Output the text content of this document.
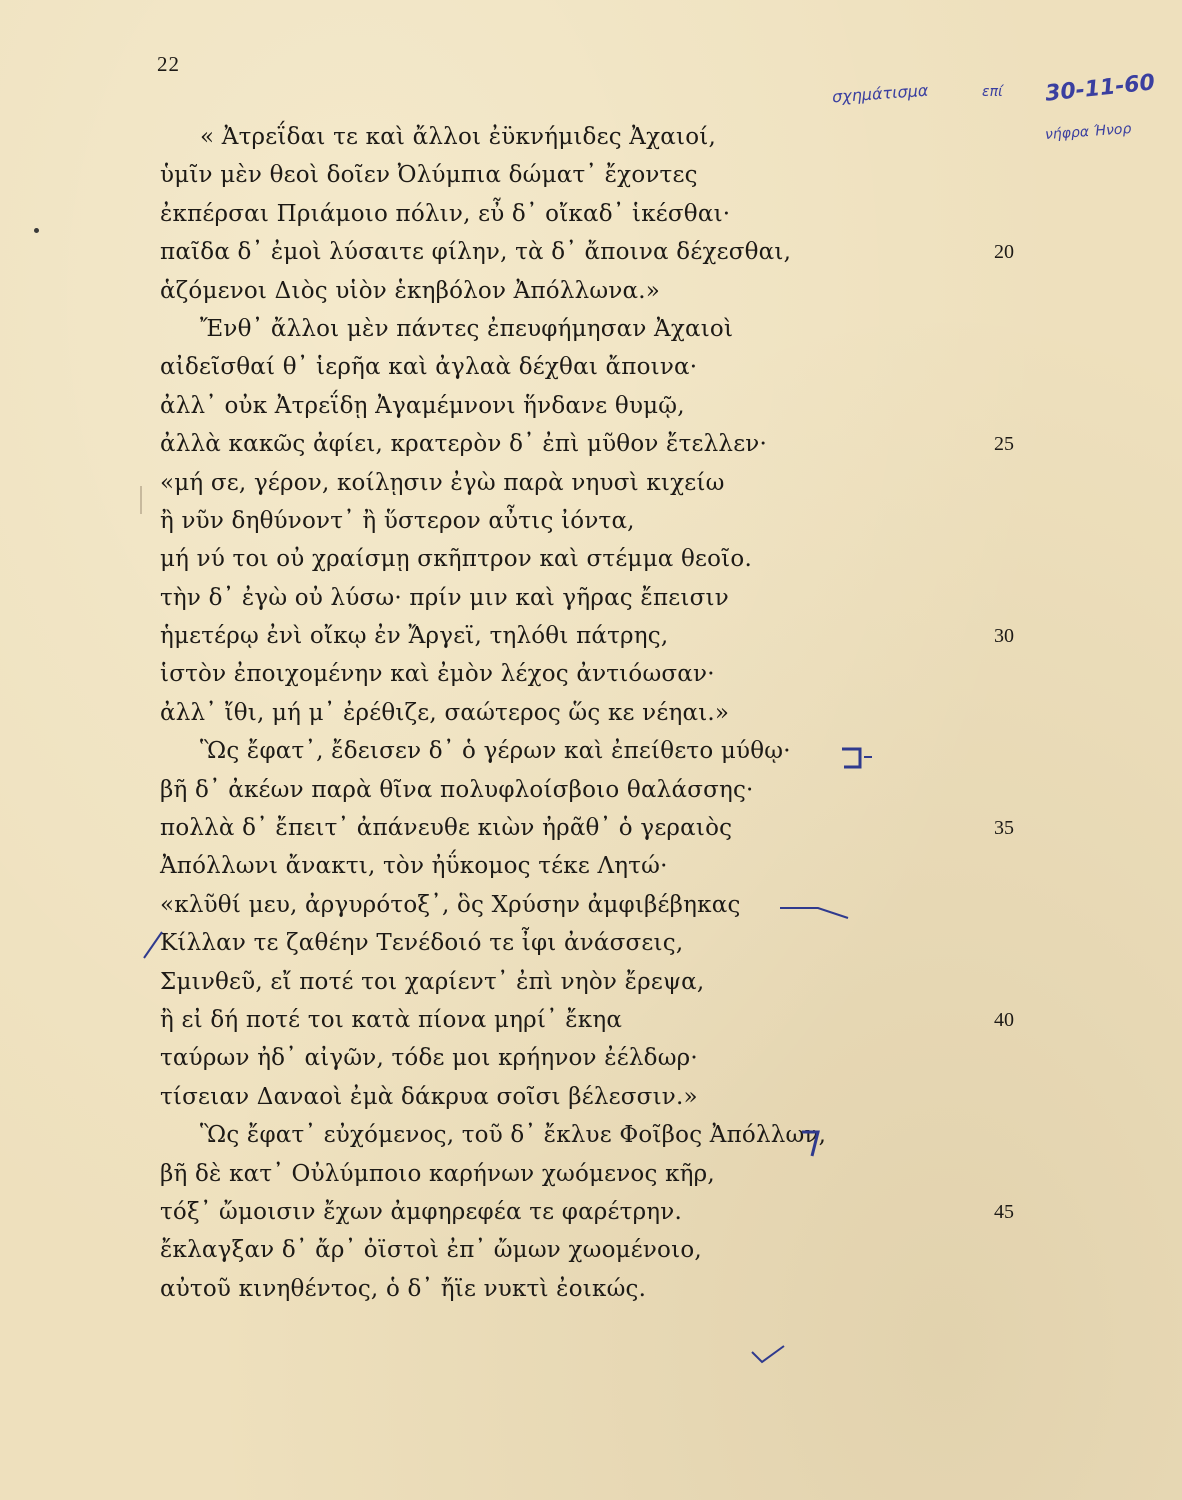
22
σχημάτισμα	επί 30-11-60
νήφρα Ήνορ
« Ἀτρεΐδαι τε καὶ ἄλλοι ἐϋκνήμιδες Ἀχαιοί,
ὑμῖν μὲν θεοὶ δοῖεν Ὀλύμπια δώματ᾽ ἔχοντες
ἐκπέρσαι Πριάμοιο πόλιν, εὖ δ᾽ οἴκαδ᾽ ἱκέσθαι·
παῖδα δ᾽ ἐμοὶ λύσαιτε φίλην, τὰ δ᾽ ἄποινα δέχεσθαι,	20
ἁζόμενοι Διὸς υἱὸν ἑκηβόλον Ἀπόλλωνα.»
Ἔνθ᾽ ἄλλοι μὲν πάντες ἐπευφήμησαν Ἀχαιοὶ
αἰδεῖσθαί θ᾽ ἱερῆα καὶ ἀγλαὰ δέχθαι ἄποινα·
ἀλλ᾽ οὐκ Ἀτρεΐδῃ Ἀγαμέμνονι ἥνδανε θυμῷ,
ἀλλὰ κακῶς ἀφίει, κρατερὸν δ᾽ ἐπὶ μῦθον ἔτελλεν·	25
«μή σε, γέρον, κοίλῃσιν ἐγὼ παρὰ νηυσὶ κιχείω
ἢ νῦν δηθύνοντ᾽ ἢ ὕστερον αὖτις ἰόντα,
μή νύ τοι οὐ χραίσμῃ σκῆπτρον καὶ στέμμα θεοῖο.
τὴν δ᾽ ἐγὼ οὐ λύσω· πρίν μιν καὶ γῆρας ἔπεισιν
ἡμετέρῳ ἐνὶ οἴκῳ ἐν Ἄργεϊ, τηλόθι πάτρης,	30
ἱστὸν ἐποιχομένην καὶ ἐμὸν λέχος ἀντιόωσαν·
ἀλλ᾽ ἴθι, μή μ᾽ ἐρέθιζε, σαώτερος ὥς κε νέηαι.»
Ὣς ἔφατ᾽, ἔδεισεν δ᾽ ὁ γέρων καὶ ἐπείθετο μύθῳ·
βῆ δ᾽ ἀκέων παρὰ θῖνα πολυφλοίσβοιο θαλάσσης·
πολλὰ δ᾽ ἔπειτ᾽ ἀπάνευθε κιὼν ἠρᾶθ᾽ ὁ γεραιὸς	35
Ἀπόλλωνι ἄνακτι, τὸν ἠΰκομος τέκε Λητώ·
«κλῦθί μευ, ἀργυρότοξ᾽, ὃς Χρύσην ἀμφιβέβηκας
Κίλλαν τε ζαθέην Τενέδοιό τε ἶφι ἀνάσσεις,
Σμινθεῦ, εἴ ποτέ τοι χαρίεντ᾽ ἐπὶ νηὸν ἔρεψα,
ἢ εἰ δή ποτέ τοι κατὰ πίονα μηρί᾽ ἔκηα	40
ταύρων ἠδ᾽ αἰγῶν, τόδε μοι κρήηνον ἐέλδωρ·
τίσειαν Δαναοὶ ἐμὰ δάκρυα σοῖσι βέλεσσιν.»
Ὣς ἔφατ᾽ εὐχόμενος, τοῦ δ᾽ ἔκλυε Φοῖβος Ἀπόλλων,
βῆ δὲ κατ᾽ Οὐλύμποιο καρήνων χωόμενος κῆρ,
τόξ᾽ ὤμοισιν ἔχων ἀμφηρεφέα τε φαρέτρην.	45
ἔκλαγξαν δ᾽ ἄρ᾽ ὀϊστοὶ ἐπ᾽ ὤμων χωομένοιο,
αὐτοῦ κινηθέντος, ὁ δ᾽ ἤϊε νυκτὶ ἐοικώς.
